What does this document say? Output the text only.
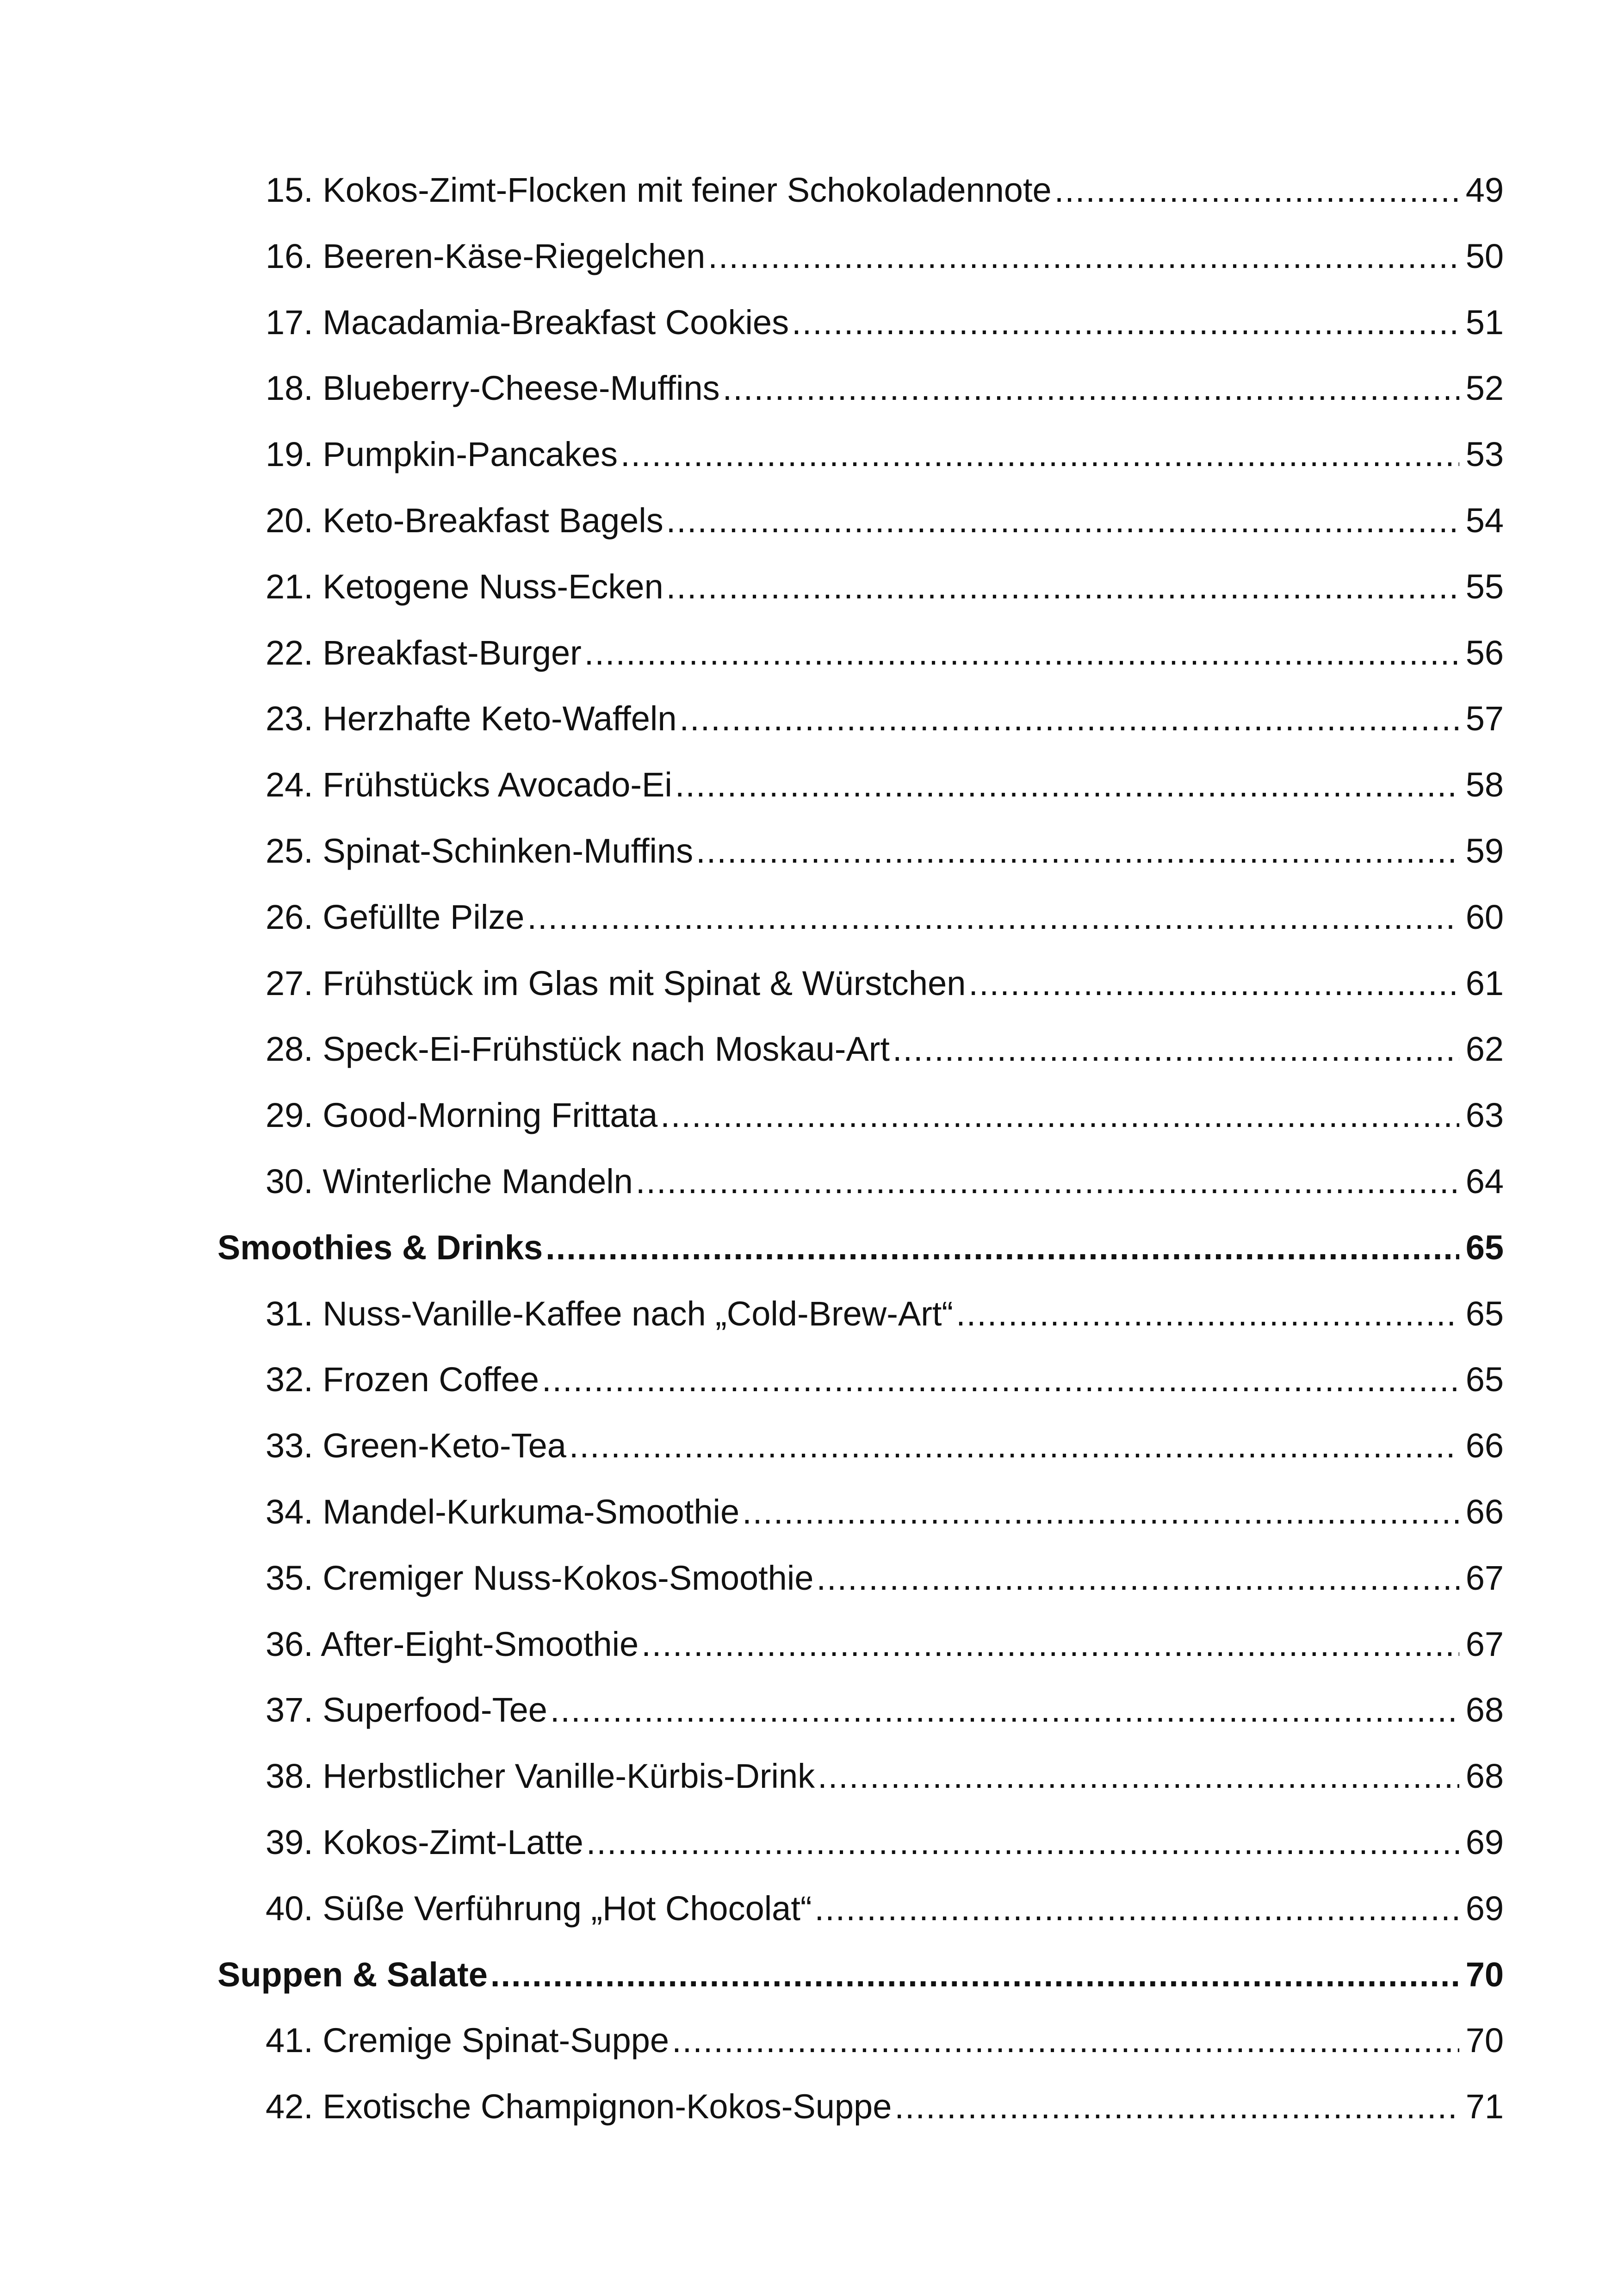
15. Kokos-Zimt-Flocken mit feiner Schokoladennote .....	49
16. Beeren-Käse-Riegelchen .....	50
17. Macadamia-Breakfast Cookies .....	51
18. Blueberry-Cheese-Muffins .....	52
19. Pumpkin-Pancakes .....	53
20. Keto-Breakfast Bagels .....	54
21. Ketogene Nuss-Ecken .....	55
22. Breakfast-Burger .....	56
23. Herzhafte Keto-Waffeln .....	57
24. Frühstücks Avocado-Ei .....	58
25. Spinat-Schinken-Muffins .....	59
26. Gefüllte Pilze .....	60
27. Frühstück im Glas mit Spinat & Würstchen .....	61
28. Speck-Ei-Frühstück nach Moskau-Art .....	62
29. Good-Morning Frittata .....	63
30. Winterliche Mandeln .....	64
Smoothies & Drinks .....	65
31. Nuss-Vanille-Kaffee nach „Cold-Brew-Art“ .....	65
32. Frozen Coffee .....	65
33. Green-Keto-Tea .....	66
34. Mandel-Kurkuma-Smoothie .....	66
35. Cremiger Nuss-Kokos-Smoothie .....	67
36. After-Eight-Smoothie .....	67
37. Superfood-Tee .....	68
38. Herbstlicher Vanille-Kürbis-Drink .....	68
39. Kokos-Zimt-Latte .....	69
40. Süße Verführung „Hot Chocolat“ .....	69
Suppen & Salate .....	70
41. Cremige Spinat-Suppe .....	70
42. Exotische Champignon-Kokos-Suppe .....	71
